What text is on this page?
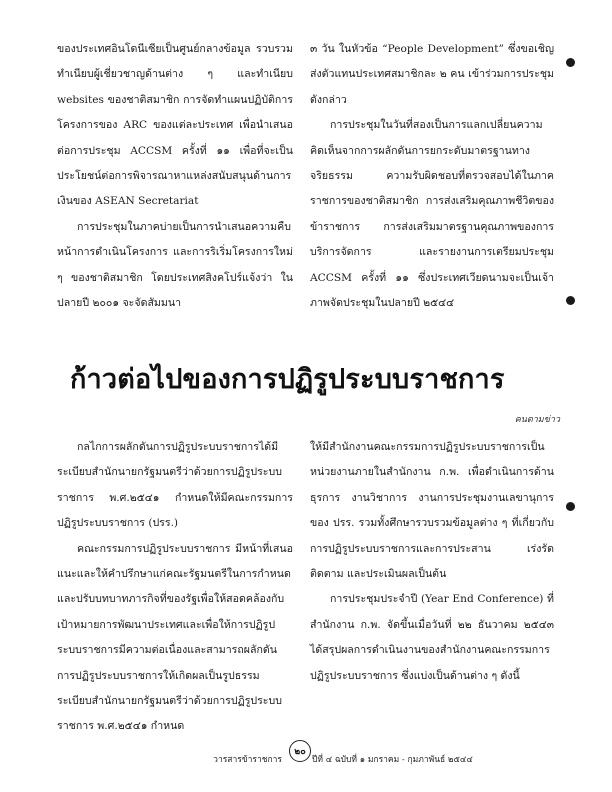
ของประเทศอินโดนีเซียเป็นศูนย์กลางข้อมูล รวบรวมทำเนียบผู้เชี่ยวชาญด้านต่าง ๆ และทำเนียบ websites ของชาติสมาชิก การจัดทำแผนปฏิบัติการโครงการของ ARC ของแต่ละประเทศ เพื่อนำเสนอต่อการประชุม ACCSM ครั้งที่ ๑๑ เพื่อที่จะเป็นประโยชน์ต่อการพิจารณาหาแหล่งสนับสนุนด้านการเงินของ ASEAN Secretariat

การประชุมในภาคบ่ายเป็นการนำเสนอความคืบหน้าการดำเนินโครงการ และการริเริ่มโครงการใหม่ ๆ ของชาติสมาชิก โดยประเทศสิงคโปร์แจ้งว่า ในปลายปี ๒๐๐๑ จะจัดสัมมนา

๓ วัน ในหัวข้อ “People Development” ซึ่งขอเชิญส่งตัวแทนประเทศสมาชิกละ ๒ คน เข้าร่วมการประชุมดังกล่าว

การประชุมในวันที่สองเป็นการแลกเปลี่ยนความคิดเห็นจากการผลักดันการยกระดับมาตรฐานทางจริยธรรม ความรับผิดชอบที่ตรวจสอบได้ในภาคราชการของชาติสมาชิก การส่งเสริมคุณภาพชีวิตของข้าราชการ การส่งเสริมมาตรฐานคุณภาพของการบริการจัดการ และรายงานการเตรียมประชุม ACCSM ครั้งที่ ๑๑ ซึ่งประเทศเวียดนามจะเป็นเจ้าภาพจัดประชุมในปลายปี ๒๕๔๔

ก้าวต่อไปของการปฏิรูประบบราชการ

คนตามข่าว

กลไกการผลักดันการปฏิรูประบบราชการได้มีระเบียบสำนักนายกรัฐมนตรีว่าด้วยการปฏิรูประบบราชการ พ.ศ.๒๕๔๑ กำหนดให้มีคณะกรรมการปฏิรูประบบราชการ (ปรร.)

คณะกรรมการปฏิรูประบบราชการ มีหน้าที่เสนอแนะและให้คำปรึกษาแก่คณะรัฐมนตรีในการกำหนดและปรับบทบาทภารกิจที่ของรัฐเพื่อให้สอดคล้องกับเป้าหมายการพัฒนาประเทศและเพื่อให้การปฏิรูประบบราชการมีความต่อเนื่องและสามารถผลักดันการปฏิรูประบบราชการให้เกิดผลเป็นรูปธรรม ระเบียบสำนักนายกรัฐมนตรีว่าด้วยการปฏิรูประบบราชการ พ.ศ.๒๕๔๑ กำหนด

ให้มีสำนักงานคณะกรรมการปฏิรูประบบราชการเป็นหน่วยงานภายในสำนักงาน ก.พ. เพื่อดำเนินการด้านธุรการ งานวิชาการ งานการประชุมงานเลขานุการของ ปรร. รวมทั้งศึกษารวบรวมข้อมูลต่าง ๆ ที่เกี่ยวกับการปฏิรูประบบราชการและการประสาน เร่งรัด ติดตาม และประเมินผลเป็นต้น

การประชุมประจำปี (Year End Conference) ที่สำนักงาน ก.พ. จัดขึ้นเมื่อวันที่ ๒๒ ธันวาคม ๒๕๔๓ ได้สรุปผลการดำเนินงานของสำนักงานคณะกรรมการปฏิรูประบบราชการ ซึ่งแบ่งเป็นด้านต่าง ๆ ดังนี้

วารสารข้าราชการ

๒๐

ปีที่ ๔ ฉบับที่ ๑ มกราคม - กุมภาพันธ์ ๒๕๔๔
